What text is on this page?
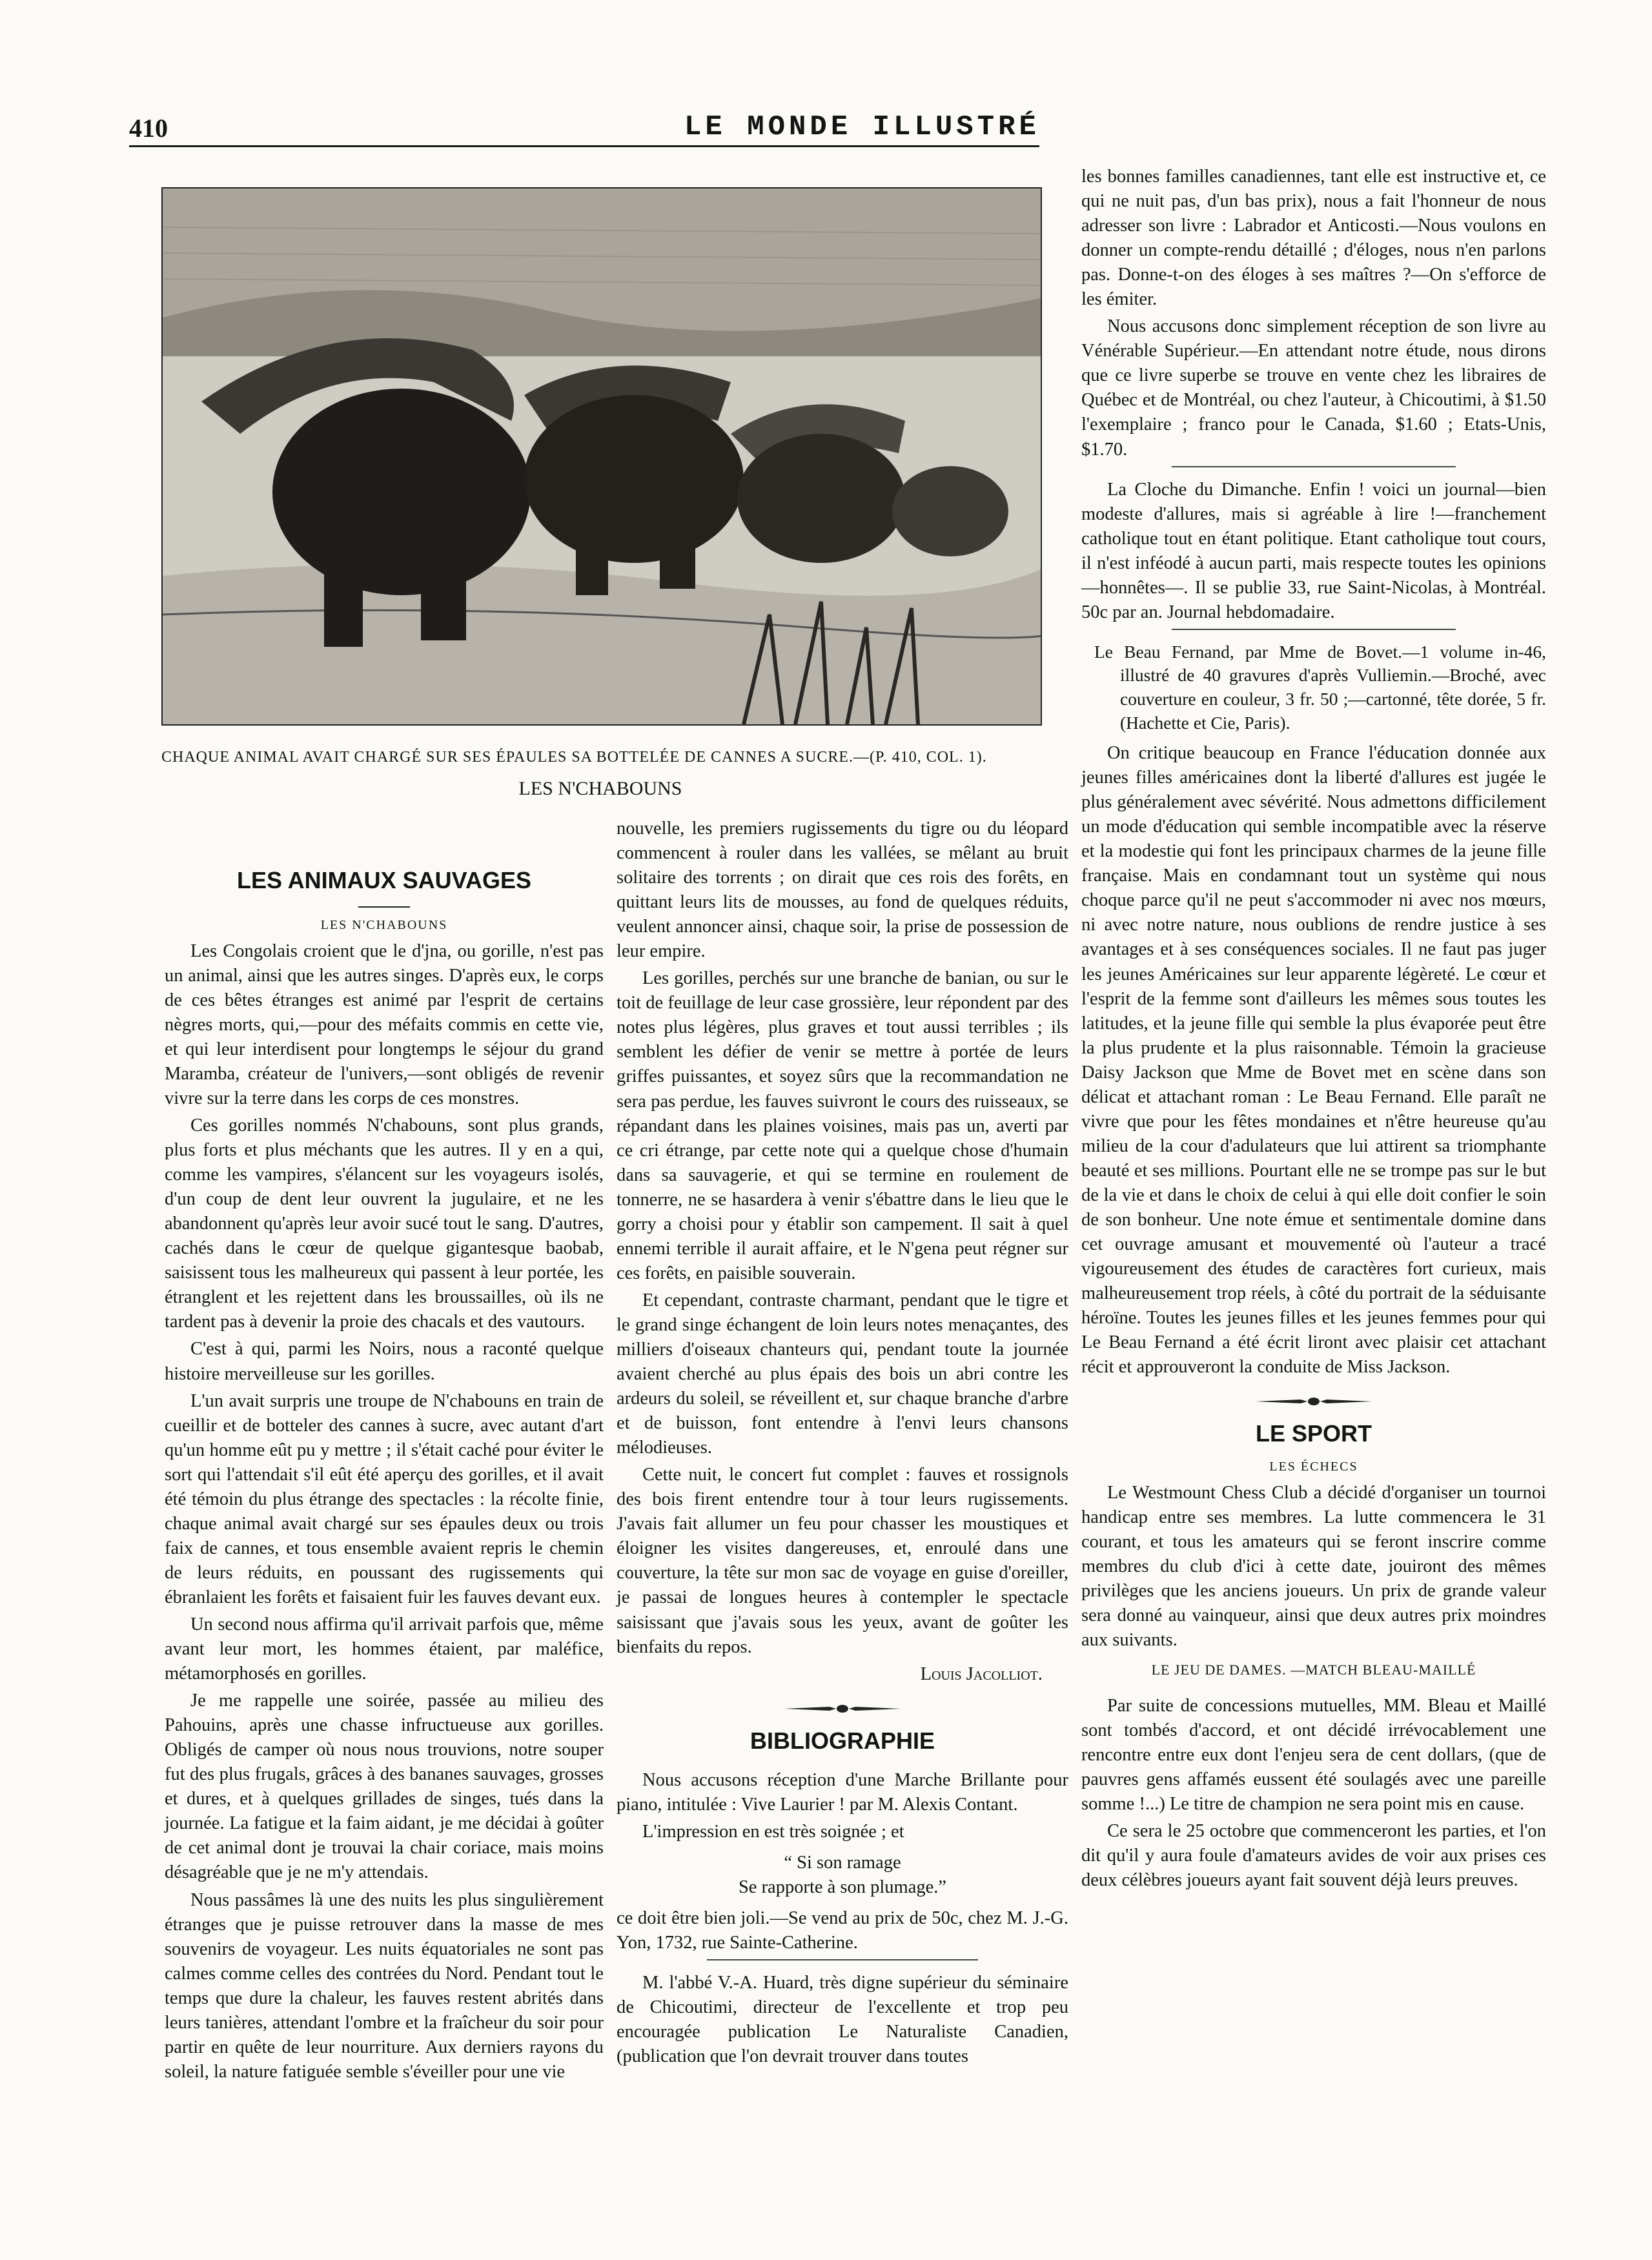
410	LE MONDE ILLUSTRÉ
CHAQUE ANIMAL AVAIT CHARGÉ SUR SES ÉPAULES SA BOTTELÉE DE CANNES A SUCRE.—(P. 410, COL. 1).
LES N'CHABOUNS
LES ANIMAUX SAUVAGES
LES N'CHABOUNS

Les Congolais croient que le d'jna, ou gorille, n'est pas un animal, ainsi que les autres singes. D'après eux, le corps de ces bêtes étranges est animé par l'esprit de certains nègres morts, qui,—pour des méfaits commis en cette vie, et qui leur interdisent pour longtemps le séjour du grand Maramba, créateur de l'univers,—sont obligés de revenir vivre sur la terre dans les corps de ces monstres.

Ces gorilles nommés N'chabouns, sont plus grands, plus forts et plus méchants que les autres. Il y en a qui, comme les vampires, s'élancent sur les voyageurs isolés, d'un coup de dent leur ouvrent la jugulaire, et ne les abandonnent qu'après leur avoir sucé tout le sang. D'autres, cachés dans le cœur de quelque gigantesque baobab, saisissent tous les malheureux qui passent à leur portée, les étranglent et les rejettent dans les broussailles, où ils ne tardent pas à devenir la proie des chacals et des vautours.

C'est à qui, parmi les Noirs, nous a raconté quelque histoire merveilleuse sur les gorilles.

L'un avait surpris une troupe de N'chabouns en train de cueillir et de botteler des cannes à sucre, avec autant d'art qu'un homme eût pu y mettre ; il s'était caché pour éviter le sort qui l'attendait s'il eût été aperçu des gorilles, et il avait été témoin du plus étrange des spectacles : la récolte finie, chaque animal avait chargé sur ses épaules deux ou trois faix de cannes, et tous ensemble avaient repris le chemin de leurs réduits, en poussant des rugissements qui ébranlaient les forêts et faisaient fuir les fauves devant eux.

Un second nous affirma qu'il arrivait parfois que, même avant leur mort, les hommes étaient, par maléfice, métamorphosés en gorilles.

Je me rappelle une soirée, passée au milieu des Pahouins, après une chasse infructueuse aux gorilles. Obligés de camper où nous nous trouvions, notre souper fut des plus frugals, grâces à des bananes sauvages, grosses et dures, et à quelques grillades de singes, tués dans la journée. La fatigue et la faim aidant, je me décidai à goûter de cet animal dont je trouvai la chair coriace, mais moins désagréable que je ne m'y attendais.

Nous passâmes là une des nuits les plus singulièrement étranges que je puisse retrouver dans la masse de mes souvenirs de voyageur. Les nuits équatoriales ne sont pas calmes comme celles des contrées du Nord. Pendant tout le temps que dure la chaleur, les fauves restent abrités dans leurs tanières, attendant l'ombre et la fraîcheur du soir pour partir en quête de leur nourriture. Aux derniers rayons du soleil, la nature fatiguée semble s'éveiller pour une vie

nouvelle, les premiers rugissements du tigre ou du léopard commencent à rouler dans les vallées, se mêlant au bruit solitaire des torrents ; on dirait que ces rois des forêts, en quittant leurs lits de mousses, au fond de quelques réduits, veulent annoncer ainsi, chaque soir, la prise de possession de leur empire.

Les gorilles, perchés sur une branche de banian, ou sur le toit de feuillage de leur case grossière, leur répondent par des notes plus légères, plus graves et tout aussi terribles ; ils semblent les défier de venir se mettre à portée de leurs griffes puissantes, et soyez sûrs que la recommandation ne sera pas perdue, les fauves suivront le cours des ruisseaux, se répandant dans les plaines voisines, mais pas un, averti par ce cri étrange, par cette note qui a quelque chose d'humain dans sa sauvagerie, et qui se termine en roulement de tonnerre, ne se hasardera à venir s'ébattre dans le lieu que le gorry a choisi pour y établir son campement. Il sait à quel ennemi terrible il aurait affaire, et le N'gena peut régner sur ces forêts, en paisible souverain.

Et cependant, contraste charmant, pendant que le tigre et le grand singe échangent de loin leurs notes menaçantes, des milliers d'oiseaux chanteurs qui, pendant toute la journée avaient cherché au plus épais des bois un abri contre les ardeurs du soleil, se réveillent et, sur chaque branche d'arbre et de buisson, font entendre à l'envi leurs chansons mélodieuses.

Cette nuit, le concert fut complet : fauves et rossignols des bois firent entendre tour à tour leurs rugissements. J'avais fait allumer un feu pour chasser les moustiques et éloigner les visites dangereuses, et, enroulé dans une couverture, la tête sur mon sac de voyage en guise d'oreiller, je passai de longues heures à contempler le spectacle saisissant que j'avais sous les yeux, avant de goûter les bienfaits du repos.

Louis Jacolliot.
BIBLIOGRAPHIE

Nous accusons réception d'une Marche Brillante pour piano, intitulée : Vive Laurier ! par M. Alexis Contant.

L'impression en est très soignée ; et

“ Si son ramage
Se rapporte à son plumage.”

ce doit être bien joli.—Se vend au prix de 50c, chez M. J.-G. Yon, 1732, rue Sainte-Catherine.

M. l'abbé V.-A. Huard, très digne supérieur du séminaire de Chicoutimi, directeur de l'excellente et trop peu encouragée publication Le Naturaliste Canadien, (publication que l'on devrait trouver dans toutes

les bonnes familles canadiennes, tant elle est instructive et, ce qui ne nuit pas, d'un bas prix), nous a fait l'honneur de nous adresser son livre : Labrador et Anticosti.—Nous voulons en donner un compte-rendu détaillé ; d'éloges, nous n'en parlons pas. Donne-t-on des éloges à ses maîtres ?—On s'efforce de les émiter.

Nous accusons donc simplement réception de son livre au Vénérable Supérieur.—En attendant notre étude, nous dirons que ce livre superbe se trouve en vente chez les libraires de Québec et de Montréal, ou chez l'auteur, à Chicoutimi, à $1.50 l'exemplaire ; franco pour le Canada, $1.60 ; Etats-Unis, $1.70.

La Cloche du Dimanche. Enfin ! voici un journal—bien modeste d'allures, mais si agréable à lire !—franchement catholique tout en étant politique. Etant catholique tout cours, il n'est inféodé à aucun parti, mais respecte toutes les opinions—honnêtes—. Il se publie 33, rue Saint-Nicolas, à Montréal. 50c par an. Journal hebdomadaire.

Le Beau Fernand, par Mme de Bovet.—1 volume in-46, illustré de 40 gravures d'après Vulliemin.—Broché, avec couverture en couleur, 3 fr. 50 ;—cartonné, tête dorée, 5 fr. (Hachette et Cie, Paris).

On critique beaucoup en France l'éducation donnée aux jeunes filles américaines dont la liberté d'allures est jugée le plus généralement avec sévérité. Nous admettons difficilement un mode d'éducation qui semble incompatible avec la réserve et la modestie qui font les principaux charmes de la jeune fille française. Mais en condamnant tout un système qui nous choque parce qu'il ne peut s'accommoder ni avec nos mœurs, ni avec notre nature, nous oublions de rendre justice à ses avantages et à ses conséquences sociales. Il ne faut pas juger les jeunes Américaines sur leur apparente légèreté. Le cœur et l'esprit de la femme sont d'ailleurs les mêmes sous toutes les latitudes, et la jeune fille qui semble la plus évaporée peut être la plus prudente et la plus raisonnable. Témoin la gracieuse Daisy Jackson que Mme de Bovet met en scène dans son délicat et attachant roman : Le Beau Fernand. Elle paraît ne vivre que pour les fêtes mondaines et n'être heureuse qu'au milieu de la cour d'adulateurs que lui attirent sa triomphante beauté et ses millions. Pourtant elle ne se trompe pas sur le but de la vie et dans le choix de celui à qui elle doit confier le soin de son bonheur. Une note émue et sentimentale domine dans cet ouvrage amusant et mouvementé où l'auteur a tracé vigoureusement des études de caractères fort curieux, mais malheureusement trop réels, à côté du portrait de la séduisante héroïne. Toutes les jeunes filles et les jeunes femmes pour qui Le Beau Fernand a été écrit liront avec plaisir cet attachant récit et approuveront la conduite de Miss Jackson.

LE SPORT
LES ÉCHECS

Le Westmount Chess Club a décidé d'organiser un tournoi handicap entre ses membres. La lutte commencera le 31 courant, et tous les amateurs qui se feront inscrire comme membres du club d'ici à cette date, jouiront des mêmes privilèges que les anciens joueurs. Un prix de grande valeur sera donné au vainqueur, ainsi que deux autres prix moindres aux suivants.

LE JEU DE DAMES. —MATCH BLEAU-MAILLÉ

Par suite de concessions mutuelles, MM. Bleau et Maillé sont tombés d'accord, et ont décidé irrévocablement une rencontre entre eux dont l'enjeu sera de cent dollars, (que de pauvres gens affamés eussent été soulagés avec une pareille somme !...) Le titre de champion ne sera point mis en cause.

Ce sera le 25 octobre que commenceront les parties, et l'on dit qu'il y aura foule d'amateurs avides de voir aux prises ces deux célèbres joueurs ayant fait souvent déjà leurs preuves.
